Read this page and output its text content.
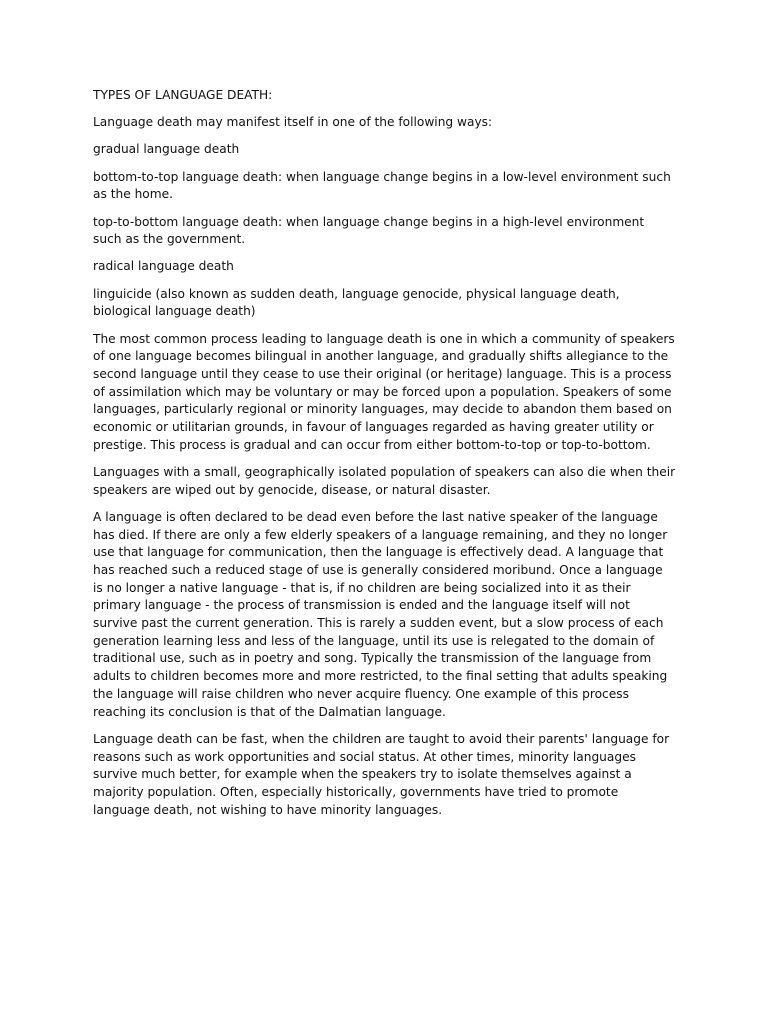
TYPES OF LANGUAGE DEATH:

Language death may manifest itself in one of the following ways:

gradual language death

bottom-to-top language death: when language change begins in a low-level environment such as the home.

top-to-bottom language death: when language change begins in a high-level environment such as the government.

radical language death

linguicide (also known as sudden death, language genocide, physical language death, biological language death)

The most common process leading to language death is one in which a community of speakers of one language becomes bilingual in another language, and gradually shifts allegiance to the second language until they cease to use their original (or heritage) language. This is a process of assimilation which may be voluntary or may be forced upon a population. Speakers of some languages, particularly regional or minority languages, may decide to abandon them based on economic or utilitarian grounds, in favour of languages regarded as having greater utility or prestige. This process is gradual and can occur from either bottom-to-top or top-to-bottom.

Languages with a small, geographically isolated population of speakers can also die when their speakers are wiped out by genocide, disease, or natural disaster.

A language is often declared to be dead even before the last native speaker of the language has died. If there are only a few elderly speakers of a language remaining, and they no longer use that language for communication, then the language is effectively dead. A language that has reached such a reduced stage of use is generally considered moribund. Once a language is no longer a native language - that is, if no children are being socialized into it as their primary language - the process of transmission is ended and the language itself will not survive past the current generation. This is rarely a sudden event, but a slow process of each generation learning less and less of the language, until its use is relegated to the domain of traditional use, such as in poetry and song. Typically the transmission of the language from adults to children becomes more and more restricted, to the final setting that adults speaking the language will raise children who never acquire fluency. One example of this process reaching its conclusion is that of the Dalmatian language.

Language death can be fast, when the children are taught to avoid their parents' language for reasons such as work opportunities and social status. At other times, minority languages survive much better, for example when the speakers try to isolate themselves against a majority population. Often, especially historically, governments have tried to promote language death, not wishing to have minority languages.
